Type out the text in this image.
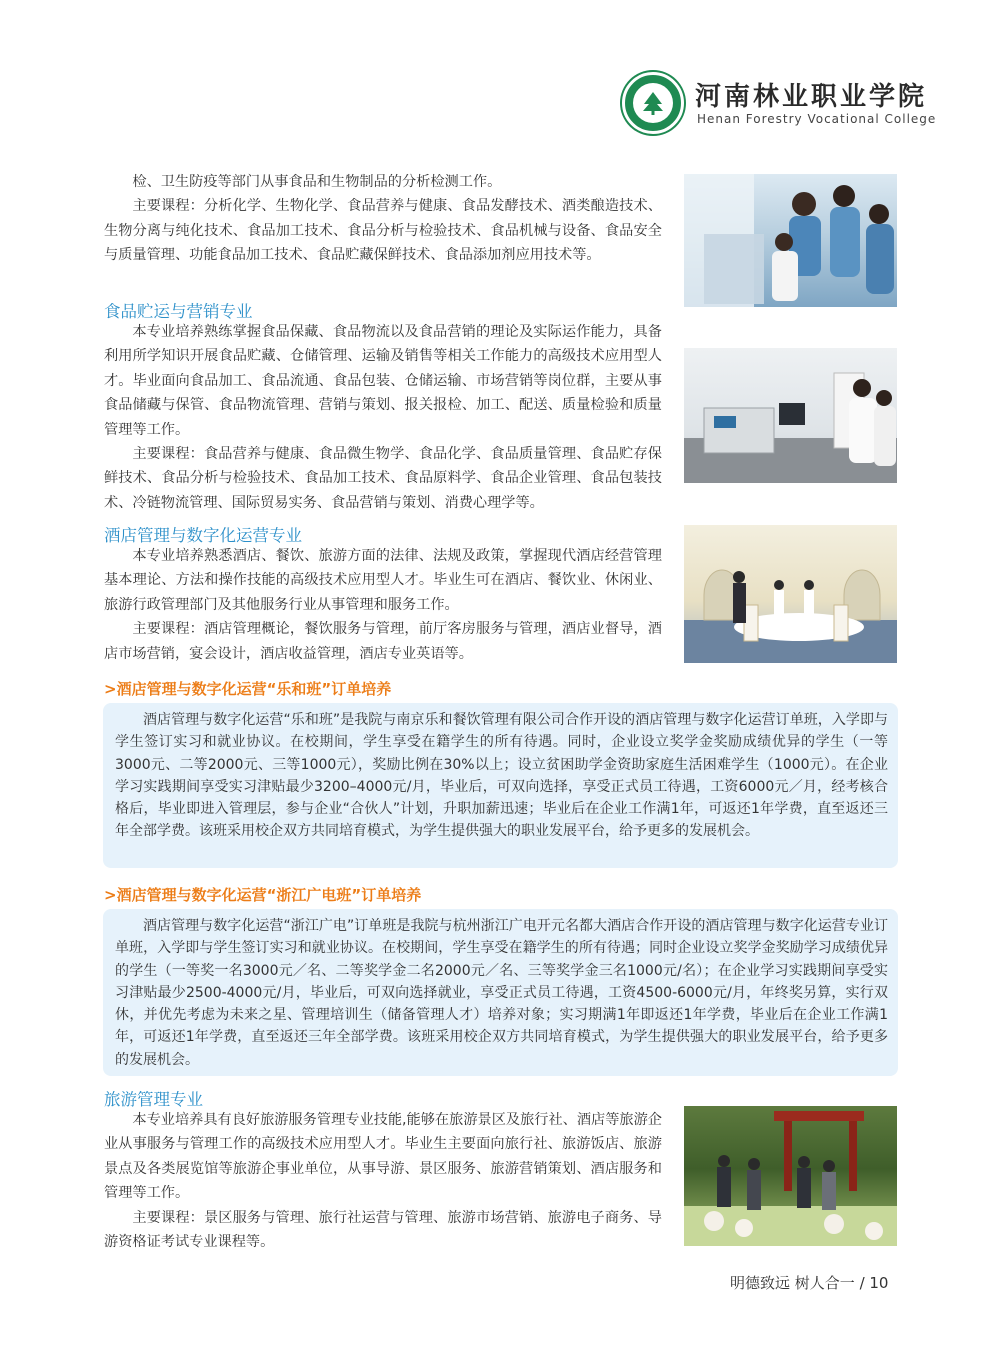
河南林业职业学院
Henan Forestry Vocational College

检、卫生防疫等部门从事食品和生物制品的分析检测工作。

主要课程：分析化学、生物化学、食品营养与健康、食品发酵技术、酒类酿造技术、生物分离与纯化技术、食品加工技术、食品分析与检验技术、食品机械与设备、食品安全与质量管理、功能食品加工技术、食品贮藏保鲜技术、食品添加剂应用技术等。

食品贮运与营销专业

本专业培养熟练掌握食品保藏、食品物流以及食品营销的理论及实际运作能力，具备利用所学知识开展食品贮藏、仓储管理、运输及销售等相关工作能力的高级技术应用型人才。毕业面向食品加工、食品流通、食品包装、仓储运输、市场营销等岗位群，主要从事食品储藏与保管、食品物流管理、营销与策划、报关报检、加工、配送、质量检验和质量管理等工作。

主要课程：食品营养与健康、食品微生物学、食品化学、食品质量管理、食品贮存保鲜技术、食品分析与检验技术、食品加工技术、食品原料学、食品企业管理、食品包装技术、冷链物流管理、国际贸易实务、食品营销与策划、消费心理学等。

酒店管理与数字化运营专业

本专业培养熟悉酒店、餐饮、旅游方面的法律、法规及政策，掌握现代酒店经营管理基本理论、方法和操作技能的高级技术应用型人才。毕业生可在酒店、餐饮业、休闲业、旅游行政管理部门及其他服务行业从事管理和服务工作。

主要课程：酒店管理概论，餐饮服务与管理，前厅客房服务与管理，酒店业督导，酒店市场营销，宴会设计，酒店收益管理，酒店专业英语等。

>酒店管理与数字化运营“乐和班”订单培养
酒店管理与数字化运营“乐和班”是我院与南京乐和餐饮管理有限公司合作开设的酒店管理与数字化运营订单班，入学即与学生签订实习和就业协议。在校期间，学生享受在籍学生的所有待遇。同时，企业设立奖学金奖励成绩优异的学生（一等3000元、二等2000元、三等1000元），奖励比例在30%以上；设立贫困助学金资助家庭生活困难学生（1000元）。在企业学习实践期间享受实习津贴最少3200–4000元/月，毕业后，可双向选择，享受正式员工待遇，工资6000元／月，经考核合格后，毕业即进入管理层，参与企业“合伙人”计划，升职加薪迅速；毕业后在企业工作满1年，可返还1年学费，直至返还三年全部学费。该班采用校企双方共同培育模式，为学生提供强大的职业发展平台，给予更多的发展机会。
>酒店管理与数字化运营“浙江广电班”订单培养
酒店管理与数字化运营“浙江广电”订单班是我院与杭州浙江广电开元名都大酒店合作开设的酒店管理与数字化运营专业订单班，入学即与学生签订实习和就业协议。在校期间，学生享受在籍学生的所有待遇；同时企业设立奖学金奖励学习成绩优异的学生（一等奖一名3000元／名、二等奖学金二名2000元／名、三等奖学金三名1000元/名）；在企业学习实践期间享受实习津贴最少2500-4000元/月，毕业后，可双向选择就业，享受正式员工待遇，工资4500-6000元/月，年终奖另算，实行双休，并优先考虑为未来之星、管理培训生（储备管理人才）培养对象；实习期满1年即返还1年学费，毕业后在企业工作满1年，可返还1年学费，直至返还三年全部学费。该班采用校企双方共同培育模式，为学生提供强大的职业发展平台，给予更多的发展机会。
旅游管理专业

本专业培养具有良好旅游服务管理专业技能,能够在旅游景区及旅行社、酒店等旅游企业从事服务与管理工作的高级技术应用型人才。毕业生主要面向旅行社、旅游饭店、旅游景点及各类展览馆等旅游企事业单位，从事导游、景区服务、旅游营销策划、酒店服务和管理等工作。

主要课程：景区服务与管理、旅行社运营与管理、旅游市场营销、旅游电子商务、导游资格证考试专业课程等。

明德致远 树人合一 / 10
